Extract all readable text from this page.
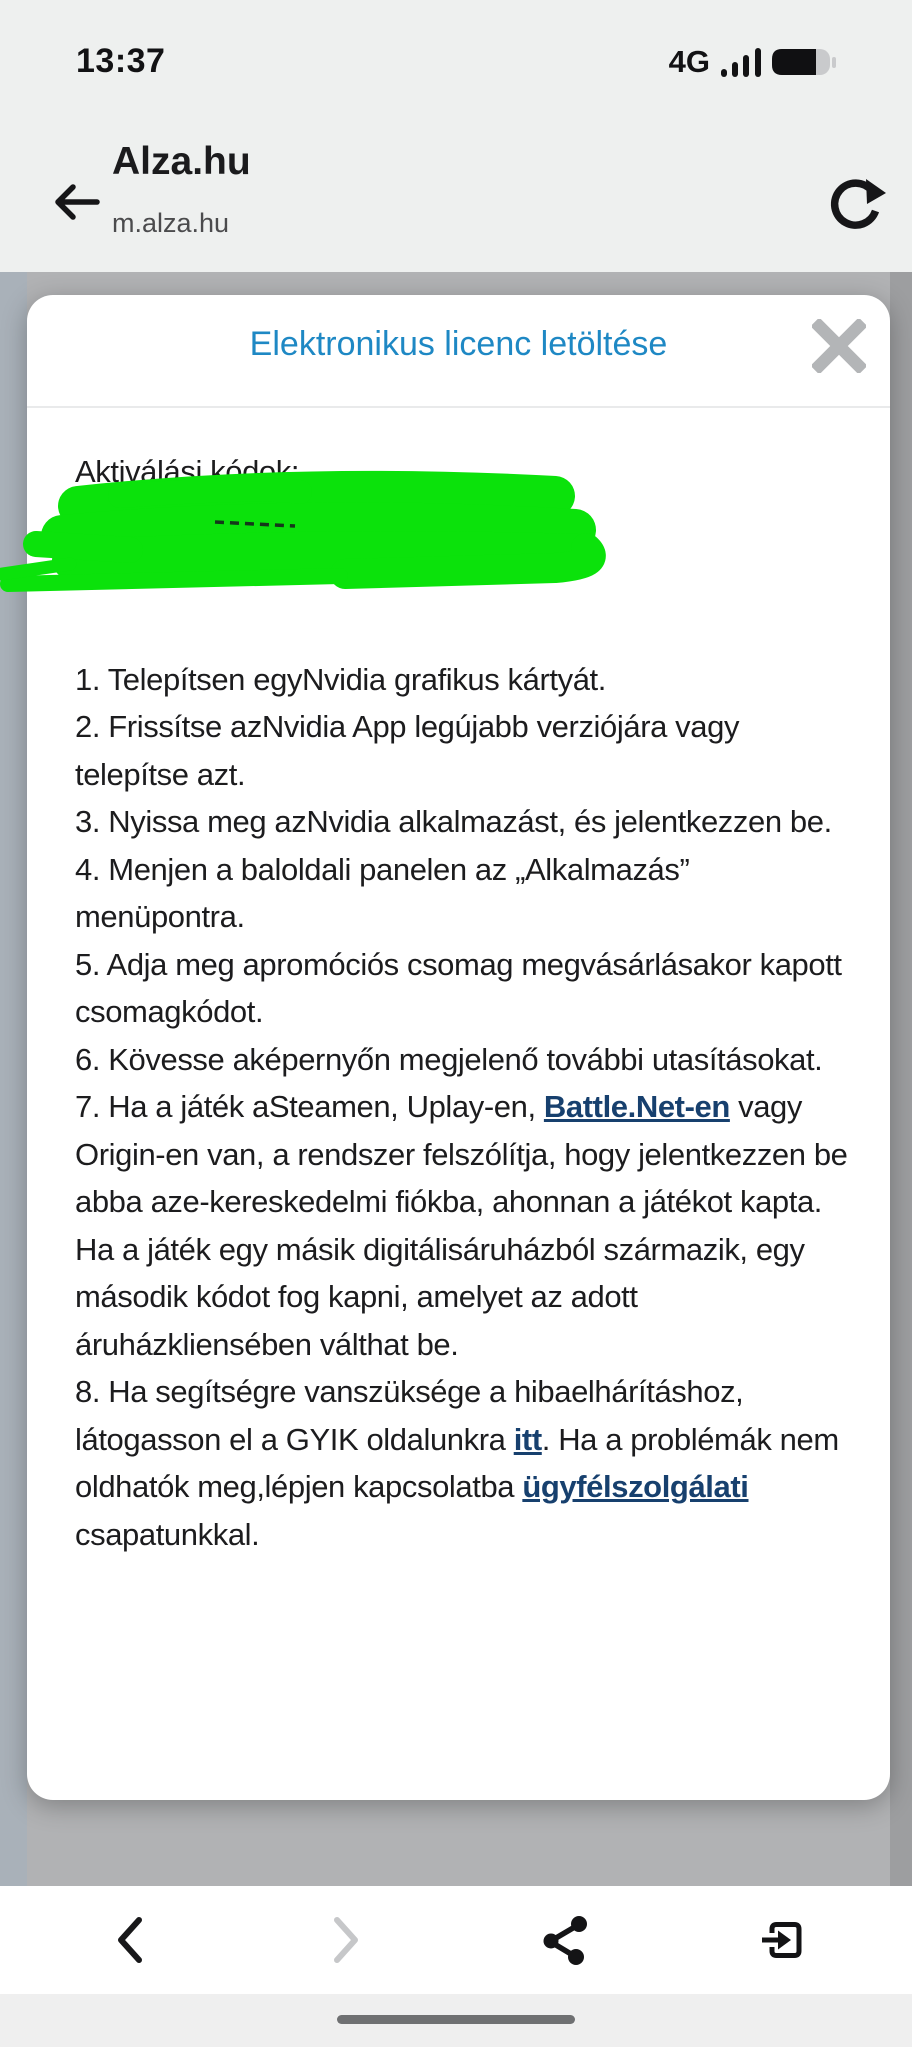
13:37	4G
Alza.hu
m.alza.hu
Elektronikus licenc letöltése

Aktiválási kódok:

1. Telepítsen egyNvidia grafikus kártyát.

2. Frissítse azNvidia App legújabb verziójára vagy telepítse azt.

3. Nyissa meg azNvidia alkalmazást, és jelentkezzen be.

4. Menjen a baloldali panelen az „Alkalmazás” menüpontra.

5. Adja meg apromóciós csomag megvásárlásakor kapott csomagkódot.

6. Kövesse aképernyőn megjelenő további utasításokat.

7. Ha a játék aSteamen, Uplay-en, Battle.Net-en vagy Origin-en van, a rendszer felszólítja, hogy jelentkezzen be abba aze-kereskedelmi fiókba, ahonnan a játékot kapta. Ha a játék egy másik digitálisáruházból származik, egy második kódot fog kapni, amelyet az adott áruházkliensében válthat be.

8. Ha segítségre vanszüksége a hibaelhárításhoz, látogasson el a GYIK oldalunkra itt. Ha a problémák nem oldhatók meg,lépjen kapcsolatba ügyfélszolgálati csapatunkkal.
